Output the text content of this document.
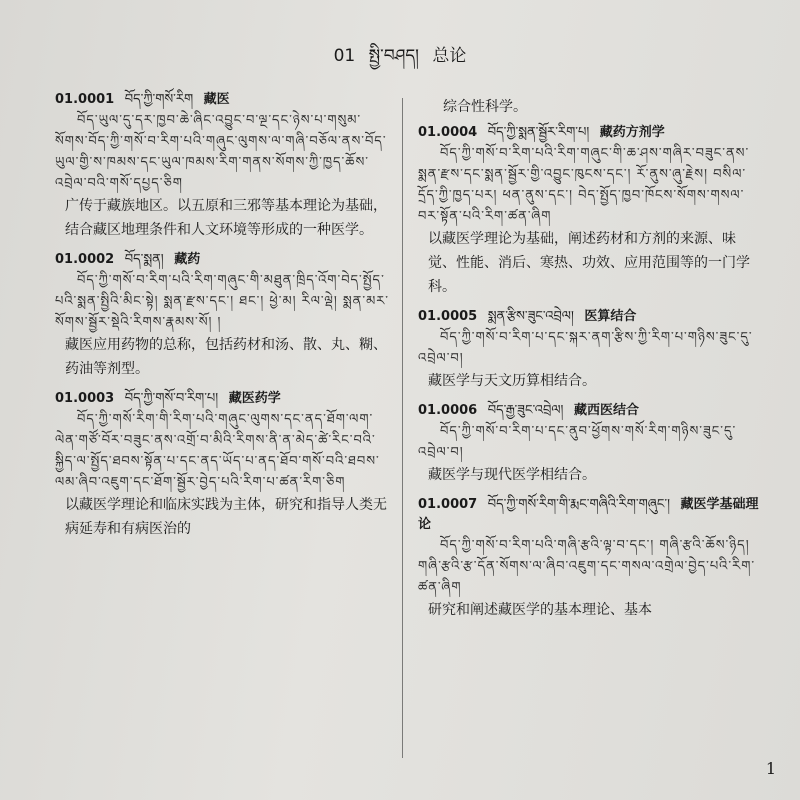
01 སྤྱི་བཤད། 总论
01.0001 བོད་ཀྱི་གསོ་རིག 藏医

བོད་ཡུལ་དུ་དར་ཁྱབ་ཆེ་ཞིང་འབྱུང་བ་ལྔ་དང་ཉེས་པ་གསུམ་སོགས་བོད་ཀྱི་གསོ་བ་རིག་པའི་གཞུང་ལུགས་ལ་གཞི་བཅོལ་ནས་བོད་ཡུལ་གྱི་ས་ཁམས་དང་ཡུལ་ཁམས་རིག་གནས་སོགས་ཀྱི་ཁྱད་ཆོས་འབྲེལ་བའི་གསོ་དཔྱད་ཅིག

广传于藏族地区。以五原和三邪等基本理论为基础，结合藏区地理条件和人文环境等形成的一种医学。

01.0002 བོད་སྨན། 藏药

བོད་ཀྱི་གསོ་བ་རིག་པའི་རིག་གཞུང་གི་མཐུན་ཁྲིད་འོག་བེད་སྤྱོད་པའི་སྨན་སྤྱིའི་མིང་སྟེ། སྨན་རྫས་དང་། ཐང་། ཕྱེ་མ། རིལ་ལྡེ། སྨན་མར་སོགས་སྦྱོར་སྡེའི་རིགས་རྣམས་སོ། །

藏医应用药物的总称，包括药材和汤、散、丸、糊、药油等剂型。

01.0003 བོད་ཀྱི་གསོ་བ་རིག་པ། 藏医药学

བོད་ཀྱི་གསོ་རིག་གི་རིག་པའི་གཞུང་ལུགས་དང་ནད་ཐོག་ལག་ལེན་གཙོ་བོར་བཟུང་ནས་འགྲོ་བ་མིའི་རིགས་ནི་ན་མེད་ཚེ་རིང་བའི་སྐྱིད་ལ་སྤྱོད་ཐབས་སྟོན་པ་དང་ནད་ཡོད་པ་ནད་ཐོབ་གསོ་བའི་ཐབས་ལམ་ཞིབ་འཇུག་དང་ཐོག་སྦྱོར་བྱེད་པའི་རིག་པ་ཚན་རིག་ཅིག

以藏医学理论和临床实践为主体，研究和指导人类无病延寿和有病医治的

综合性科学。

01.0004 བོད་ཀྱི་སྨན་སྦྱོར་རིག་པ། 藏药方剂学

བོད་ཀྱི་གསོ་བ་རིག་པའི་རིག་གཞུང་གི་ཆ་ཤས་གཞིར་བཟུང་ནས་སྨན་རྫས་དང་སྨན་སྦྱོར་གྱི་འབྱུང་ཁུངས་དང་། རོ་ནུས་ཞུ་རྗེས། བསིལ་དྲོད་ཀྱི་ཁྱད་པར། ཕན་ནུས་དང་། བེད་སྤྱོད་ཁྱབ་ཁོངས་སོགས་གསལ་བར་སྟོན་པའི་རིག་ཚན་ཞིག

以藏医学理论为基础，阐述药材和方剂的来源、味觉、性能、消后、寒热、功效、应用范围等的一门学科。

01.0005 སྨན་རྩིས་ཟུང་འབྲེལ། 医算结合

བོད་ཀྱི་གསོ་བ་རིག་པ་དང་སྐར་ནག་རྩིས་ཀྱི་རིག་པ་གཉིས་ཟུང་དུ་འབྲེལ་བ།

藏医学与天文历算相结合。

01.0006 བོད་རྒྱ་ཟུང་འབྲེལ། 藏西医结合

བོད་ཀྱི་གསོ་བ་རིག་པ་དང་ནུབ་ཕྱོགས་གསོ་རིག་གཉིས་ཟུང་དུ་འབྲེལ་བ།

藏医学与现代医学相结合。

01.0007 བོད་ཀྱི་གསོ་རིག་གི་རྨང་གཞིའི་རིག་གཞུང་། 藏医学基础理论

བོད་ཀྱི་གསོ་བ་རིག་པའི་གཞི་རྩའི་ལྟ་བ་དང་། གཞི་རྩའི་ཆོས་ཉིད། གཞི་རྩའི་རྩ་དོན་སོགས་ལ་ཞིབ་འཇུག་དང་གསལ་འགྲེལ་བྱེད་པའི་རིག་ཚན་ཞིག

研究和阐述藏医学的基本理论、基本

1
